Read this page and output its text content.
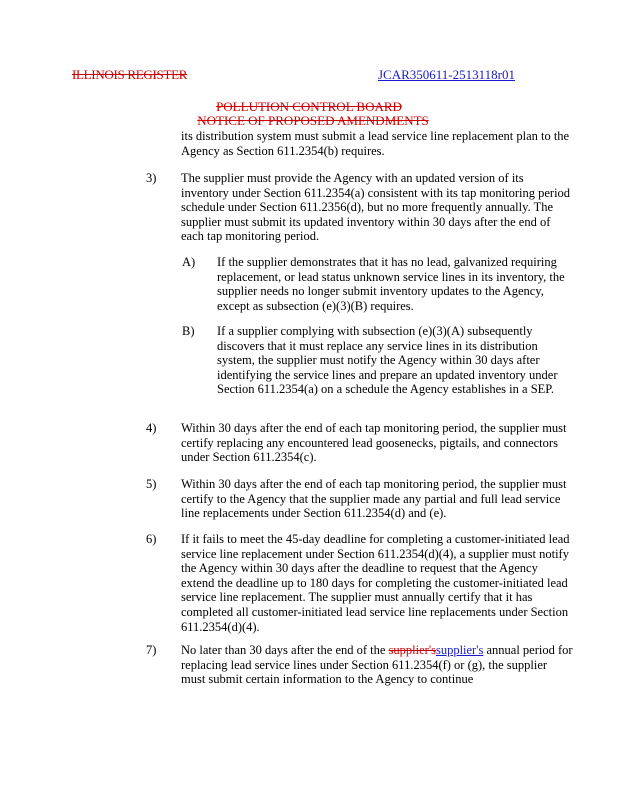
ILLINOIS REGISTER	JCAR350611-2513118r01
POLLUTION CONTROL BOARD
NOTICE OF PROPOSED AMENDMENTS

its distribution system must submit a lead service line replacement plan to the Agency as Section 611.2354(b) requires.

3) The supplier must provide the Agency with an updated version of its inventory under Section 611.2354(a) consistent with its tap monitoring period schedule under Section 611.2356(d), but no more frequently annually. The supplier must submit its updated inventory within 30 days after the end of each tap monitoring period.

A) If the supplier demonstrates that it has no lead, galvanized requiring replacement, or lead status unknown service lines in its inventory, the supplier needs no longer submit inventory updates to the Agency, except as subsection (e)(3)(B) requires.

B) If a supplier complying with subsection (e)(3)(A) subsequently discovers that it must replace any service lines in its distribution system, the supplier must notify the Agency within 30 days after identifying the service lines and prepare an updated inventory under Section 611.2354(a) on a schedule the Agency establishes in a SEP.

4) Within 30 days after the end of each tap monitoring period, the supplier must certify replacing any encountered lead goosenecks, pigtails, and connectors under Section 611.2354(c).

5) Within 30 days after the end of each tap monitoring period, the supplier must certify to the Agency that the supplier made any partial and full lead service line replacements under Section 611.2354(d) and (e).

6) If it fails to meet the 45-day deadline for completing a customer-initiated lead service line replacement under Section 611.2354(d)(4), a supplier must notify the Agency within 30 days after the deadline to request that the Agency extend the deadline up to 180 days for completing the customer-initiated lead service line replacement. The supplier must annually certify that it has completed all customer-initiated lead service line replacements under Section 611.2354(d)(4).

7) No later than 30 days after the end of the supplier'ssupplier's annual period for replacing lead service lines under Section 611.2354(f) or (g), the supplier must submit certain information to the Agency to continue
